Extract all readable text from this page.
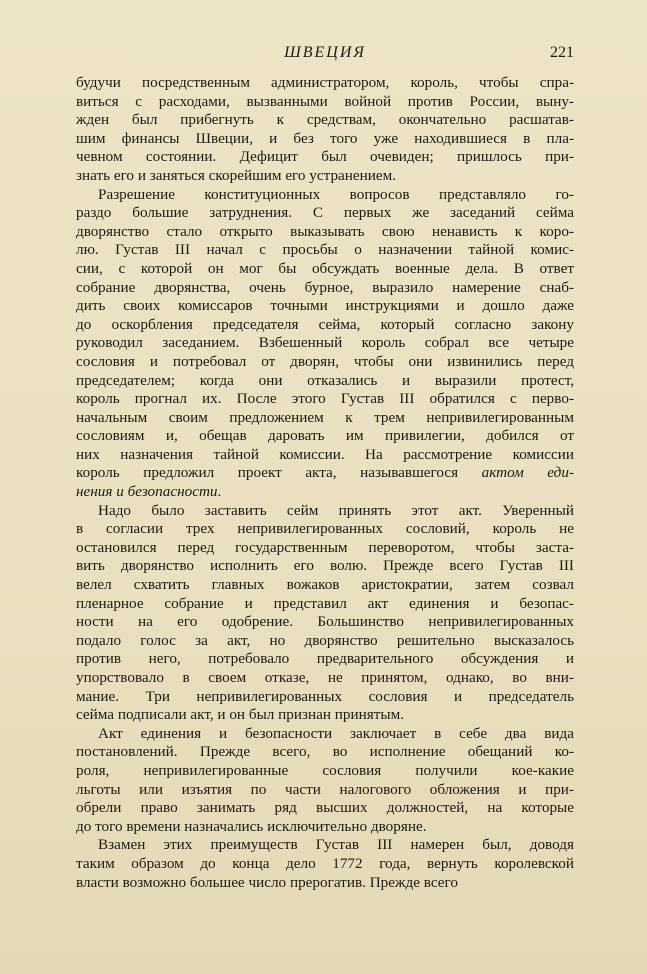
ШВЕЦИЯ	221
будучи посредственным администратором, король, чтобы спра-
виться с расходами, вызванными войной против России, выну-
жден был прибегнуть к средствам, окончательно расшатав-
шим финансы Швеции, и без того уже находившиеся в пла-
чевном состоянии. Дефицит был очевиден; пришлось при-
знать его и заняться скорейшим его устранением.
Разрешение конституционных вопросов представляло го-
раздо большие затруднения. С первых же заседаний сейма
дворянство стало открыто выказывать свою ненависть к коро-
лю. Густав III начал с просьбы о назначении тайной комис-
сии, с которой он мог бы обсуждать военные дела. В ответ
собрание дворянства, очень бурное, выразило намерение снаб-
дить своих комиссаров точными инструкциями и дошло даже
до оскорбления председателя сейма, который согласно закону
руководил заседанием. Взбешенный король собрал все четыре
сословия и потребовал от дворян, чтобы они извинились перед
председателем; когда они отказались и выразили протест,
король прогнал их. После этого Густав III обратился с перво-
начальным своим предложением к трем непривилегированным
сословиям и, обещав даровать им привилегии, добился от
них назначения тайной комиссии. На рассмотрение комиссии
король предложил проект акта, называвшегося актом еди-
нения и безопасности.
Надо было заставить сейм принять этот акт. Уверенный
в согласии трех непривилегированных сословий, король не
остановился перед государственным переворотом, чтобы заста-
вить дворянство исполнить его волю. Прежде всего Густав III
велел схватить главных вожаков аристократии, затем созвал
пленарное собрание и представил акт единения и безопас-
ности на его одобрение. Большинство непривилегированных
подало голос за акт, но дворянство решительно высказалось
против него, потребовало предварительного обсуждения и
упорствовало в своем отказе, не принятом, однако, во вни-
мание. Три непривилегированных сословия и председатель
сейма подписали акт, и он был признан принятым.
Акт единения и безопасности заключает в себе два вида
постановлений. Прежде всего, во исполнение обещаний ко-
роля, непривилегированные сословия получили кое-какие
льготы или изъятия по части налогового обложения и при-
обрели право занимать ряд высших должностей, на которые
до того времени назначались исключительно дворяне.
Взамен этих преимуществ Густав III намерен был, доводя
таким образом до конца дело 1772 года, вернуть королевской
власти возможно большее число прерогатив. Прежде всего
